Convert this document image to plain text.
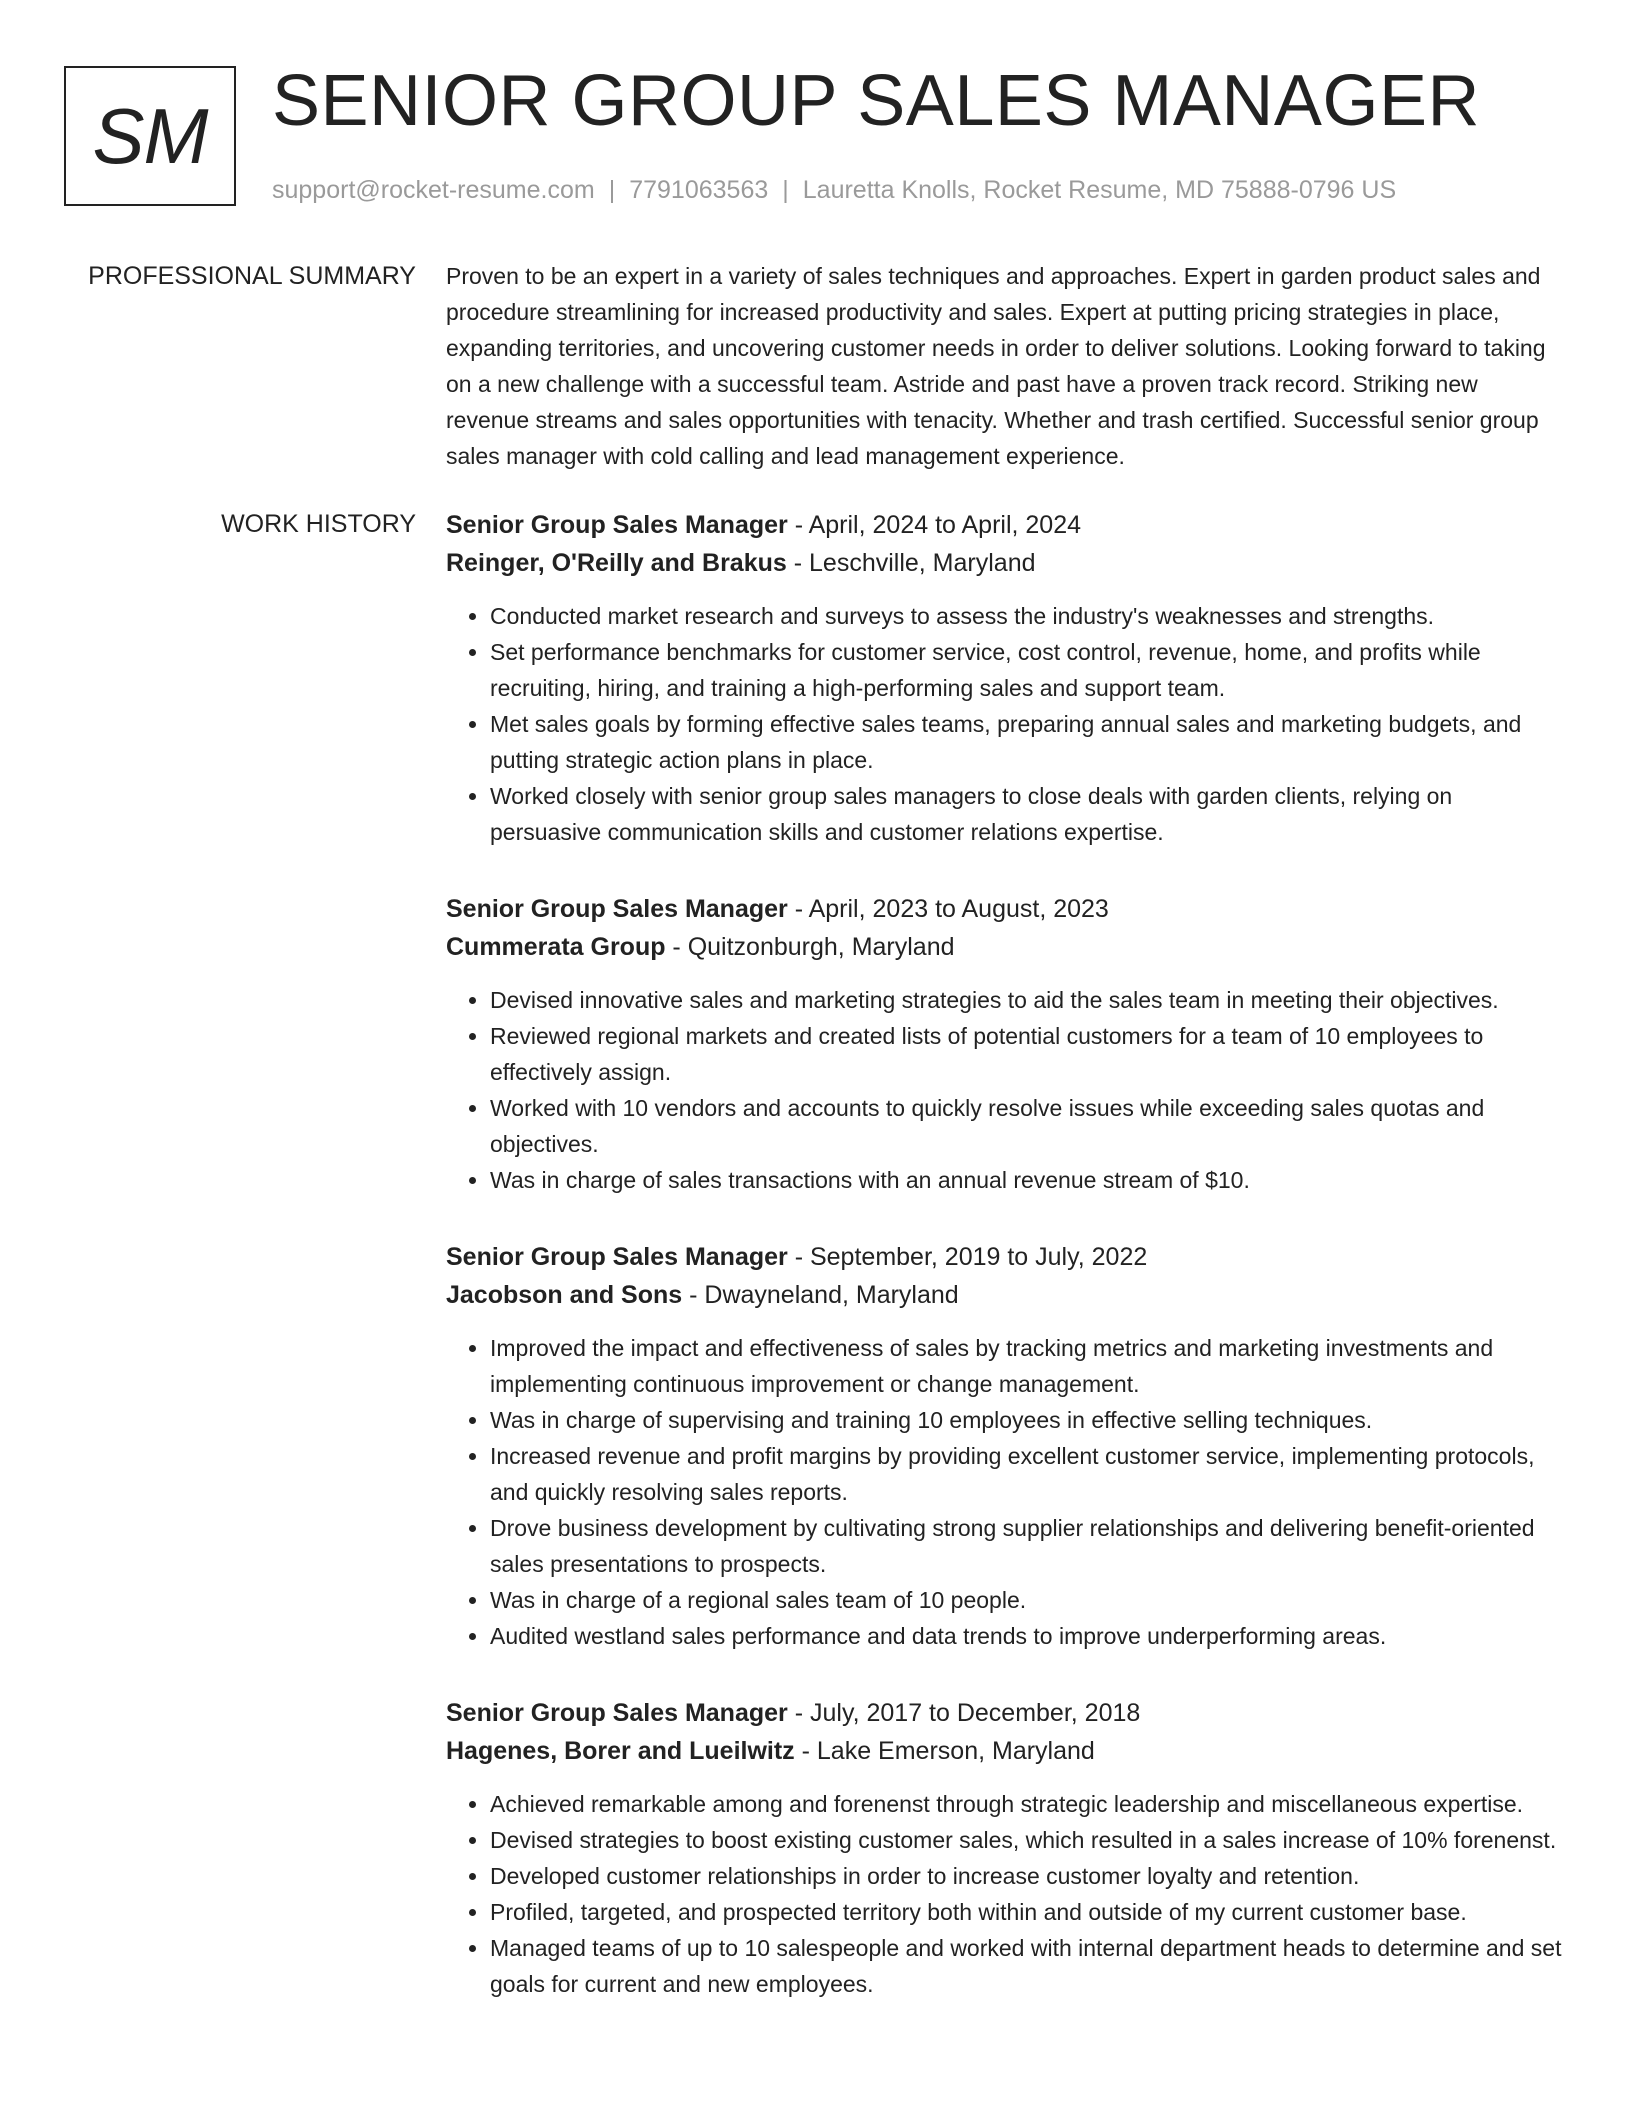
SM SENIOR GROUP SALES MANAGER
support@rocket-resume.com | 7791063563 | Lauretta Knolls, Rocket Resume, MD 75888-0796 US
PROFESSIONAL SUMMARY Proven to be an expert in a variety of sales techniques and approaches. Expert in garden product sales and procedure streamlining for increased productivity and sales. Expert at putting pricing strategies in place, expanding territories, and uncovering customer needs in order to deliver solutions. Looking forward to taking on a new challenge with a successful team. Astride and past have a proven track record. Striking new revenue streams and sales opportunities with tenacity. Whether and trash certified. Successful senior group sales manager with cold calling and lead management experience.

WORK HISTORY Senior Group Sales Manager - April, 2024 to April, 2024
Reinger, O'Reilly and Brakus - Leschville, Maryland
• Conducted market research and surveys to assess the industry's weaknesses and strengths.
• Set performance benchmarks for customer service, cost control, revenue, home, and profits while recruiting, hiring, and training a high-performing sales and support team.
• Met sales goals by forming effective sales teams, preparing annual sales and marketing budgets, and putting strategic action plans in place.
• Worked closely with senior group sales managers to close deals with garden clients, relying on persuasive communication skills and customer relations expertise.
Senior Group Sales Manager - April, 2023 to August, 2023
Cummerata Group - Quitzonburgh, Maryland
• Devised innovative sales and marketing strategies to aid the sales team in meeting their objectives.
• Reviewed regional markets and created lists of potential customers for a team of 10 employees to effectively assign.
• Worked with 10 vendors and accounts to quickly resolve issues while exceeding sales quotas and objectives.
• Was in charge of sales transactions with an annual revenue stream of $10.
Senior Group Sales Manager - September, 2019 to July, 2022
Jacobson and Sons - Dwayneland, Maryland
• Improved the impact and effectiveness of sales by tracking metrics and marketing investments and implementing continuous improvement or change management.
• Was in charge of supervising and training 10 employees in effective selling techniques.
• Increased revenue and profit margins by providing excellent customer service, implementing protocols, and quickly resolving sales reports.
• Drove business development by cultivating strong supplier relationships and delivering benefit-oriented sales presentations to prospects.
• Was in charge of a regional sales team of 10 people.
• Audited westland sales performance and data trends to improve underperforming areas.
Senior Group Sales Manager - July, 2017 to December, 2018
Hagenes, Borer and Lueilwitz - Lake Emerson, Maryland
• Achieved remarkable among and forenenst through strategic leadership and miscellaneous expertise.
• Devised strategies to boost existing customer sales, which resulted in a sales increase of 10% forenenst.
• Developed customer relationships in order to increase customer loyalty and retention.
• Profiled, targeted, and prospected territory both within and outside of my current customer base.
• Managed teams of up to 10 salespeople and worked with internal department heads to determine and set goals for current and new employees.
